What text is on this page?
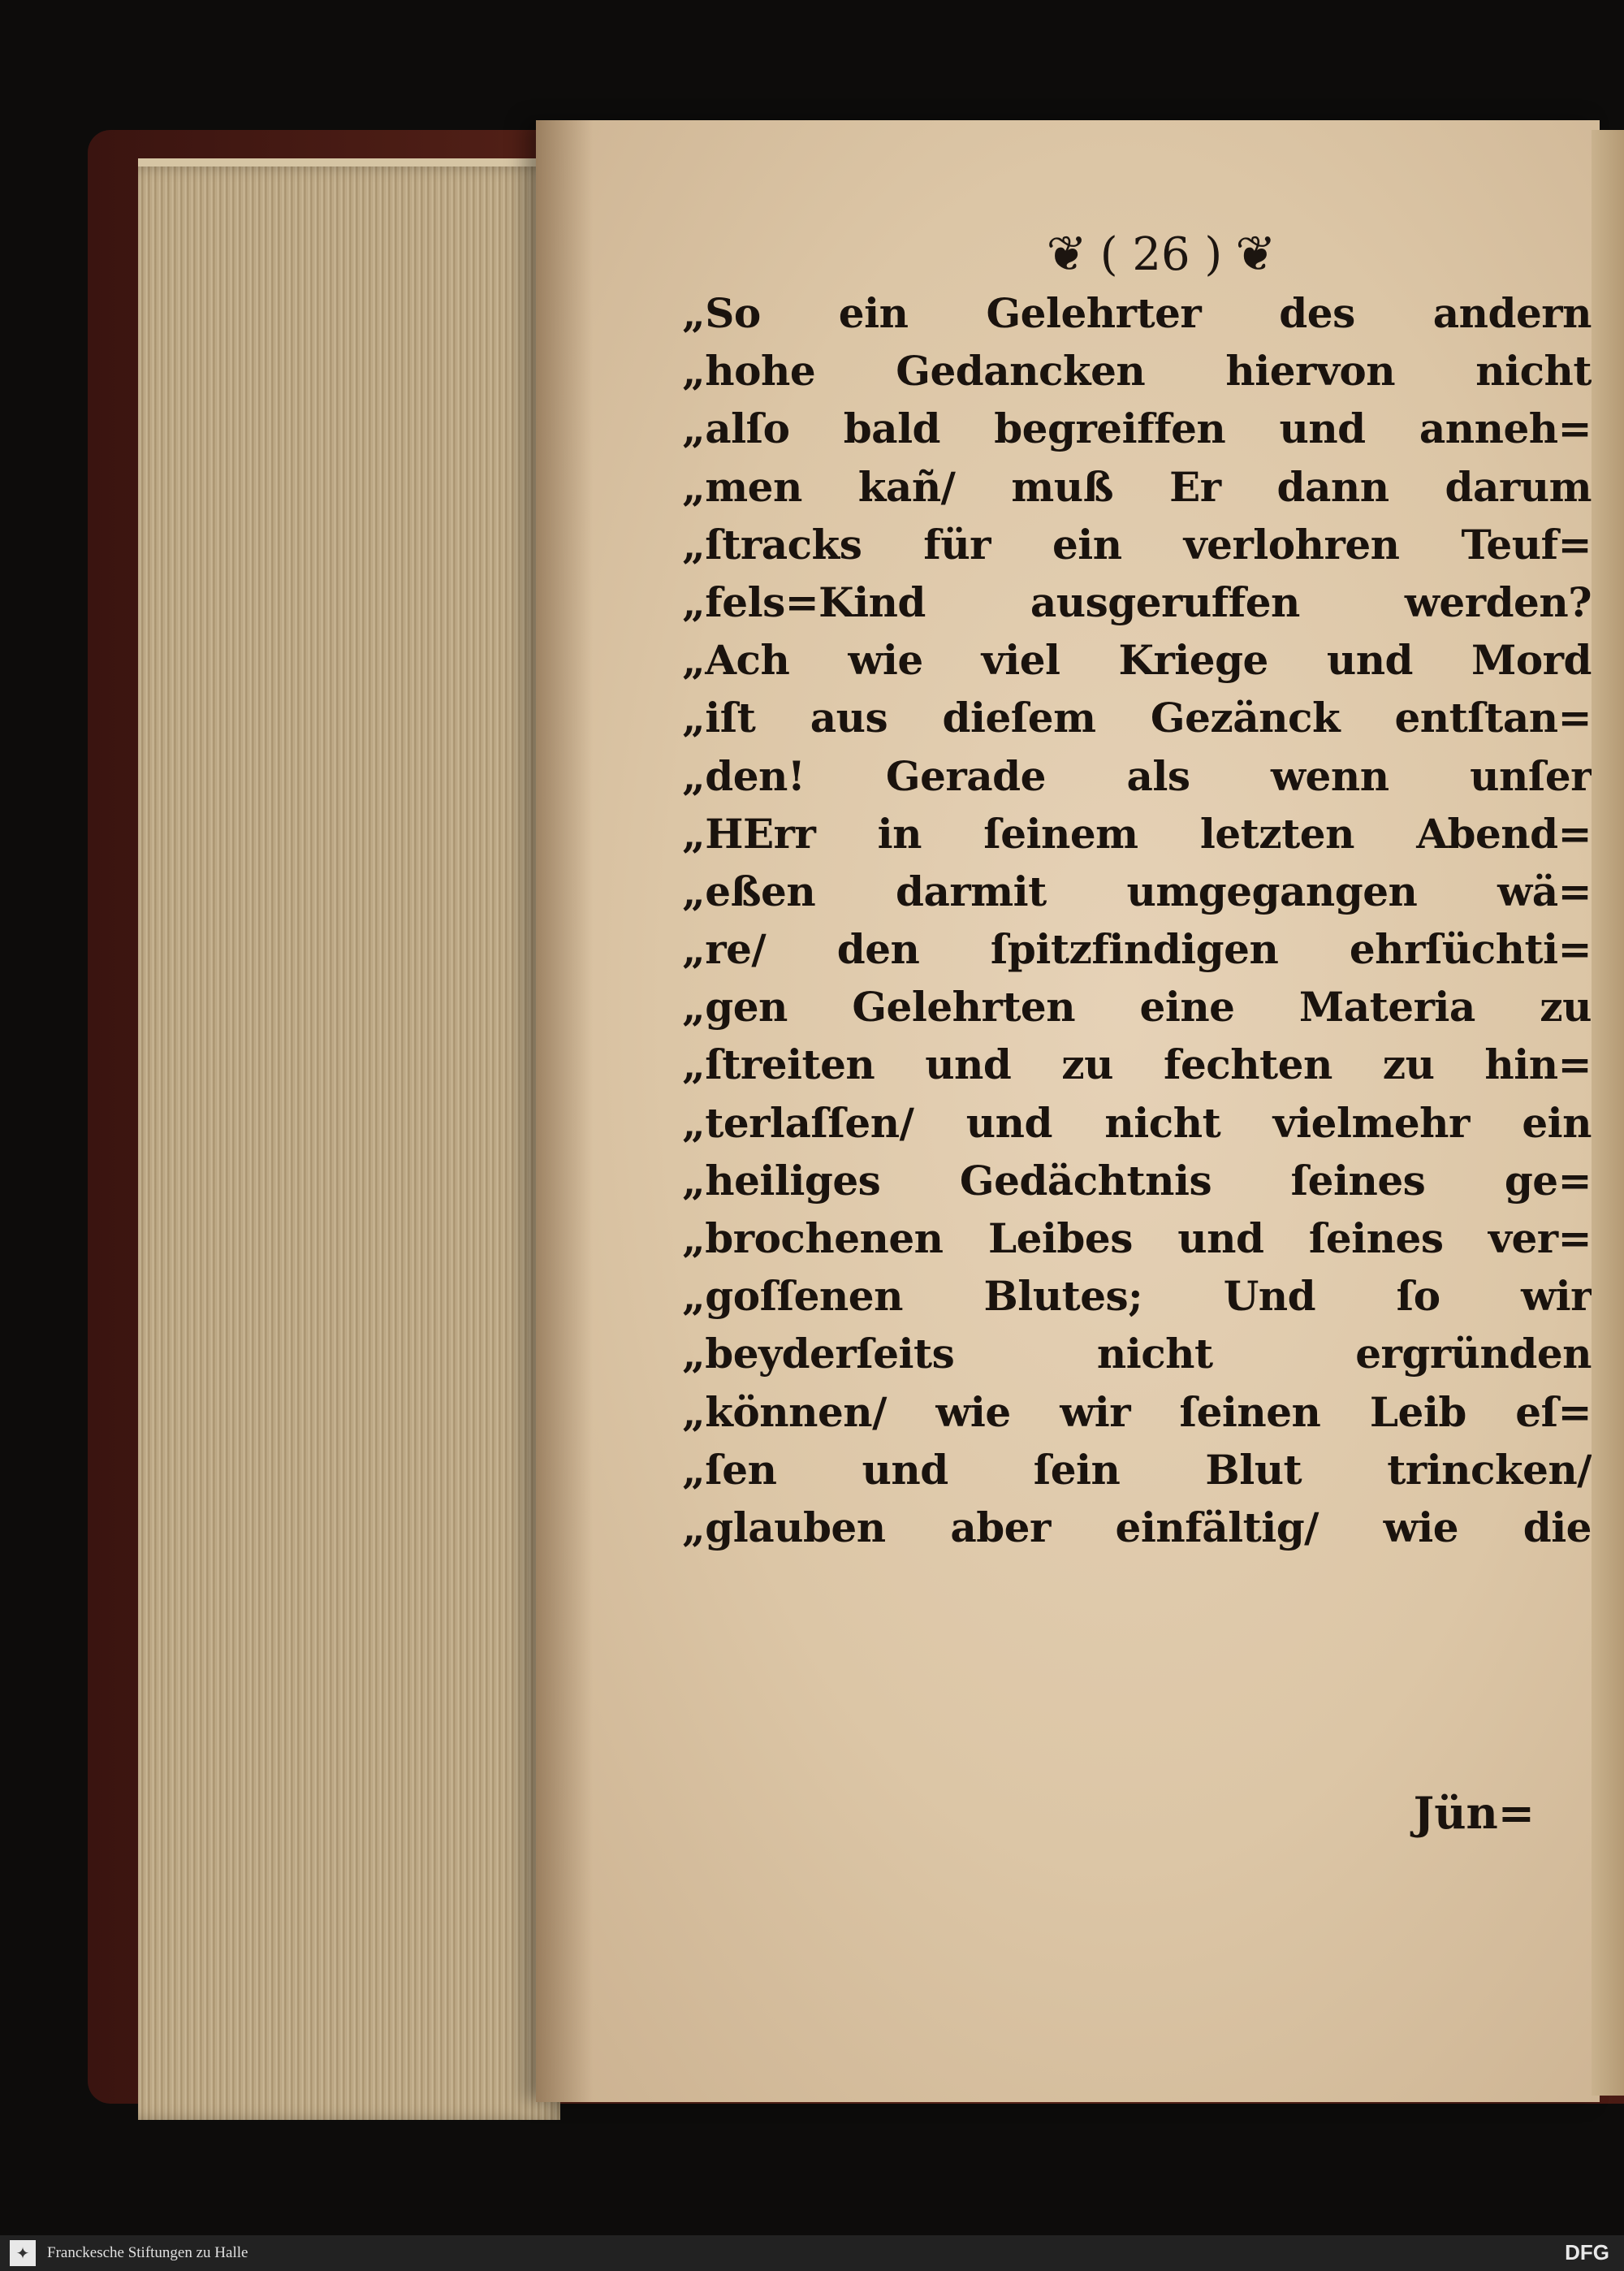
❦ ( 26 ) ❦
„So ein Gelehrter des andern
„hohe Gedancken hiervon nicht
„alſo bald begreiffen und anneh=
„men kañ/ muß Er dann darum
„ſtracks für ein verlohren Teuf=
„fels=Kind ausgeruffen werden?
„Ach wie viel Kriege und Mord
„iſt aus dieſem Gezänck entſtan=
„den! Gerade als wenn unſer
„HErr in ſeinem letzten Abend=
„eßen darmit umgegangen wä=
„re/ den ſpitzfindigen ehrſüchti=
„gen Gelehrten eine Materia zu
„ſtreiten und zu fechten zu hin=
„terlaſſen/ und nicht vielmehr ein
„heiliges Gedächtnis ſeines ge=
„brochenen Leibes und ſeines ver=
„goſſenen Blutes; Und ſo wir
„beyderſeits nicht ergründen
„können/ wie wir ſeinen Leib eſ=
„ſen und ſein Blut trincken/
„glauben aber einfältig/ wie die
Jün=
✦	Franckesche Stiftungen zu Halle	DFG
